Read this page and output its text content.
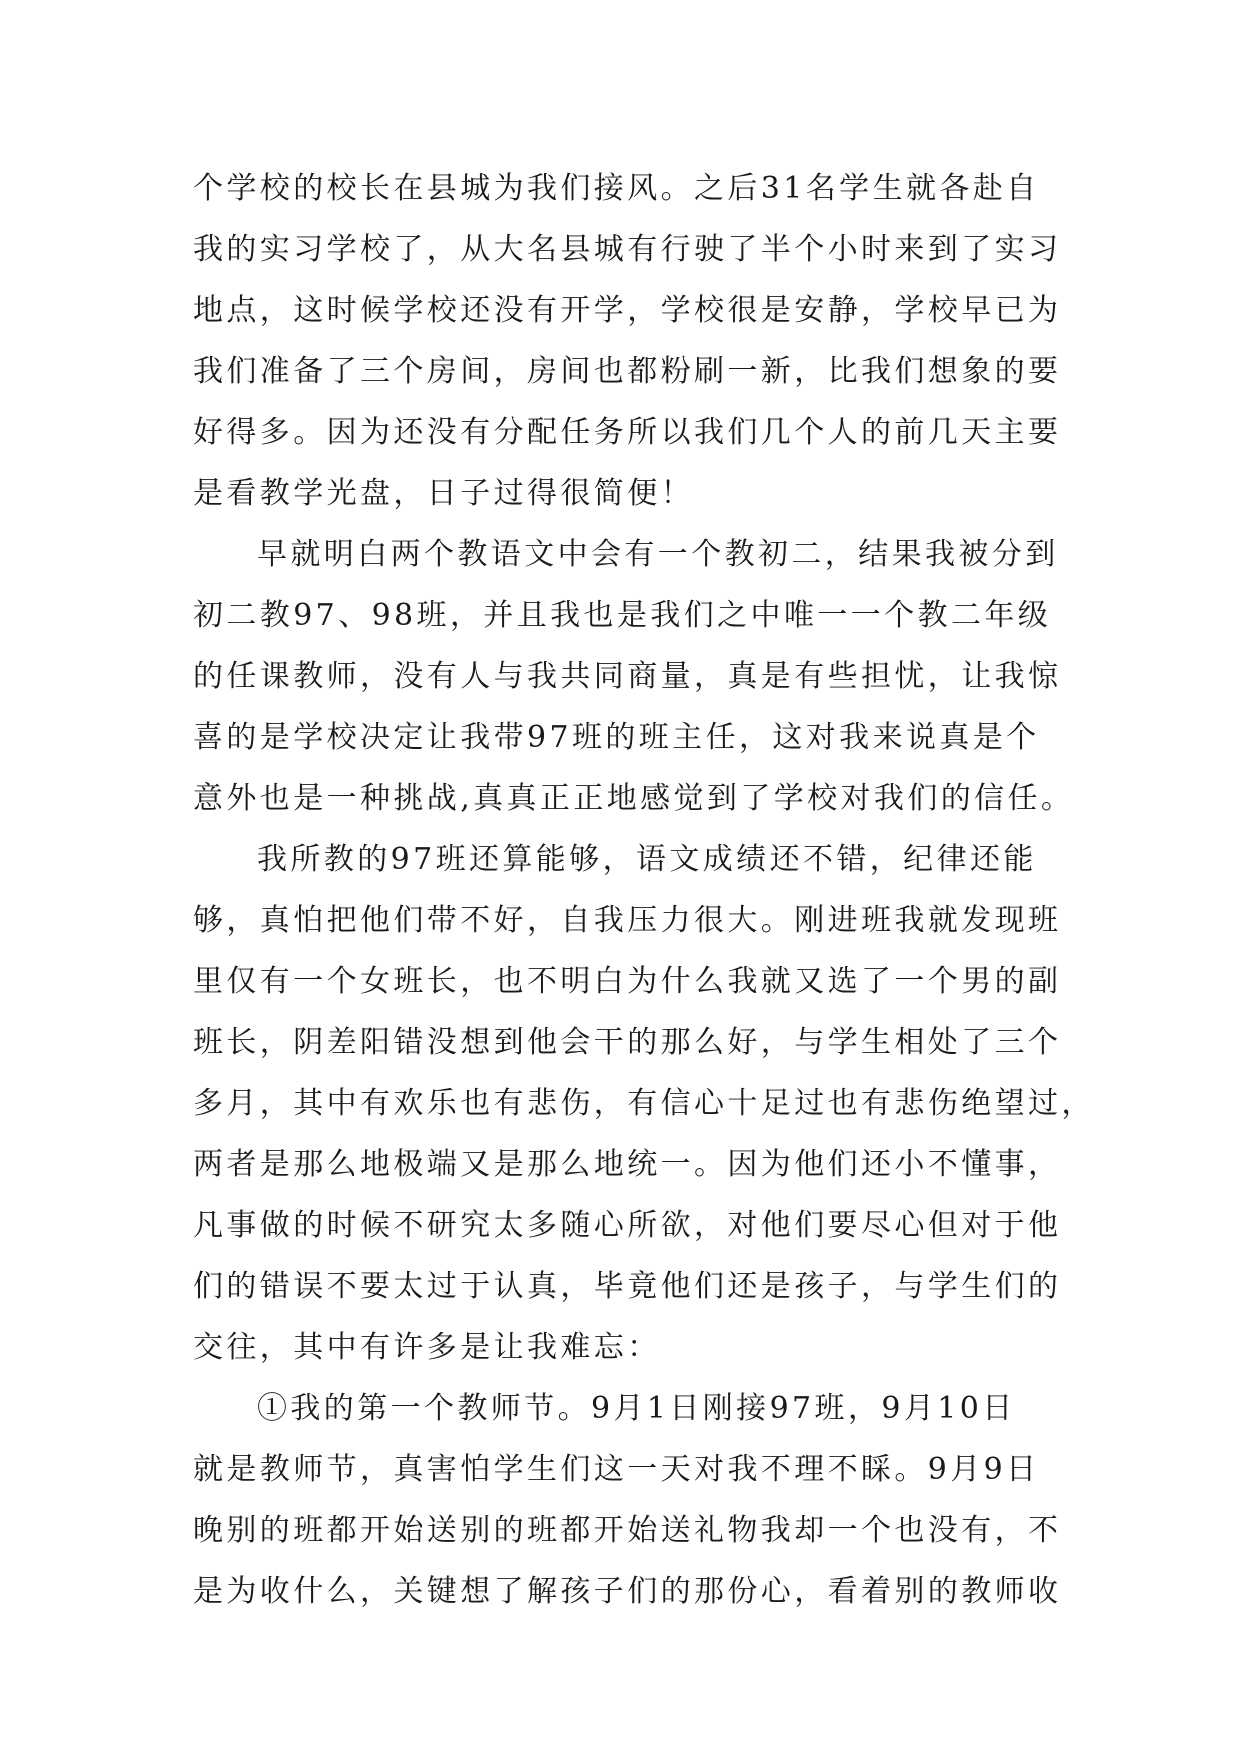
个学校的校长在县城为我们接风。之后31名学生就各赴自
我的实习学校了，从大名县城有行驶了半个小时来到了实习
地点，这时候学校还没有开学，学校很是安静，学校早已为
我们准备了三个房间，房间也都粉刷一新，比我们想象的要
好得多。因为还没有分配任务所以我们几个人的前几天主要
是看教学光盘，日子过得很简便！
早就明白两个教语文中会有一个教初二，结果我被分到
初二教97、98班，并且我也是我们之中唯一一个教二年级
的任课教师，没有人与我共同商量，真是有些担忧，让我惊
喜的是学校决定让我带97班的班主任，这对我来说真是个
意外也是一种挑战,真真正正地感觉到了学校对我们的信任。
我所教的97班还算能够，语文成绩还不错，纪律还能
够，真怕把他们带不好，自我压力很大。刚进班我就发现班
里仅有一个女班长，也不明白为什么我就又选了一个男的副
班长，阴差阳错没想到他会干的那么好，与学生相处了三个
多月，其中有欢乐也有悲伤，有信心十足过也有悲伤绝望过，
两者是那么地极端又是那么地统一。因为他们还小不懂事，
凡事做的时候不研究太多随心所欲，对他们要尽心但对于他
们的错误不要太过于认真，毕竟他们还是孩子，与学生们的
交往，其中有许多是让我难忘：
①我的第一个教师节。9月1日刚接97班，9月10日
就是教师节，真害怕学生们这一天对我不理不睬。9月9日
晚别的班都开始送别的班都开始送礼物我却一个也没有，不
是为收什么，关键想了解孩子们的那份心，看着别的教师收
